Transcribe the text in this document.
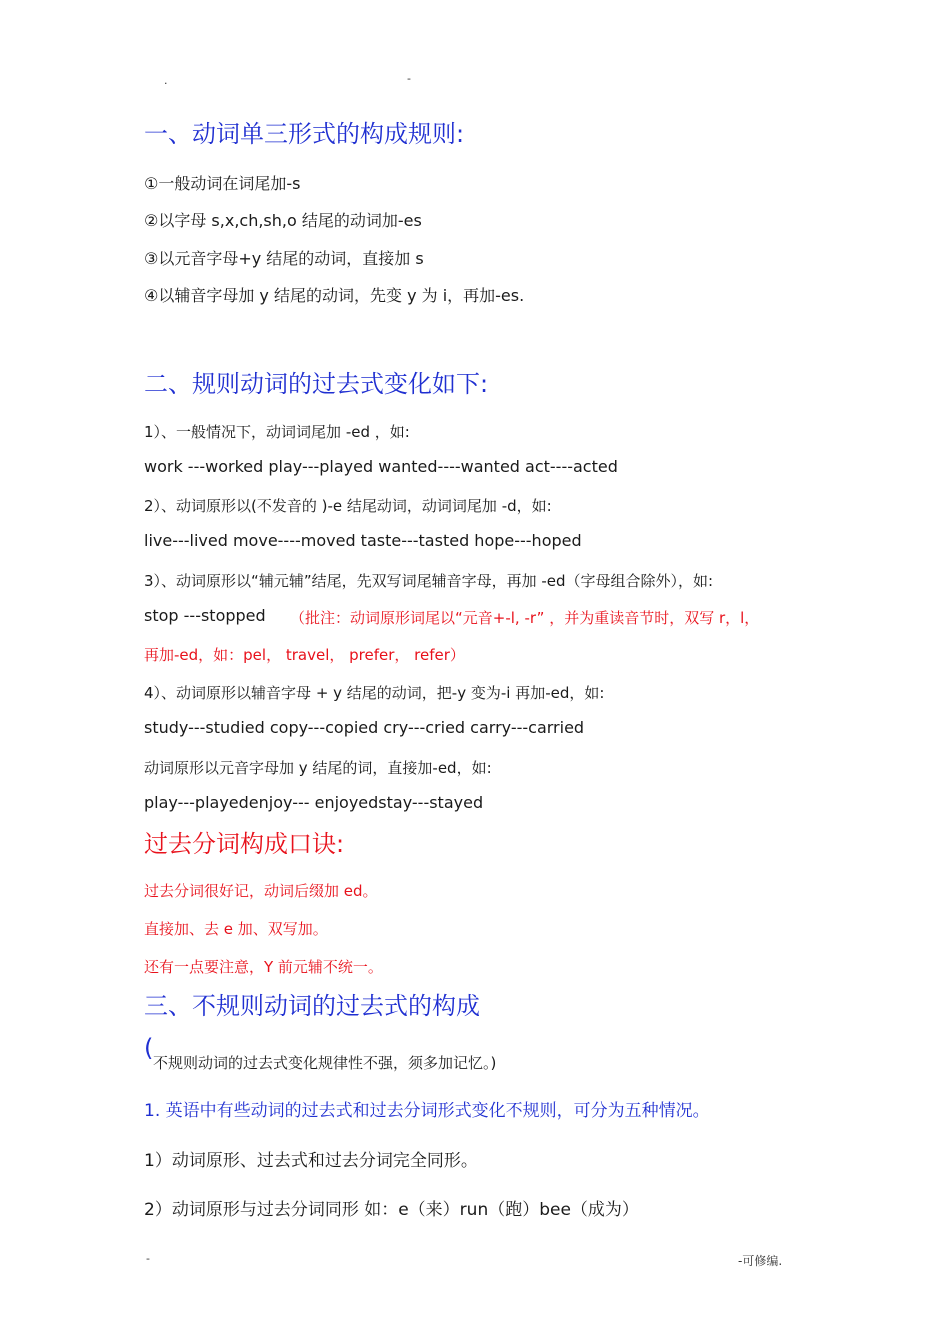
.	-
一、动词单三形式的构成规则:
①一般动词在词尾加-s
②以字母 s,x,ch,sh,o 结尾的动词加-es
③以元音字母+y 结尾的动词，直接加 s
④以辅音字母加 y 结尾的动词，先变 y 为 i，再加-es.
二、规则动词的过去式变化如下:
1）、一般情况下，动词词尾加 -ed ，如:
work ---worked play---played wanted----wanted act----acted
2）、动词原形以(不发音的 )-e 结尾动词，动词词尾加 -d，如:
live---lived move----moved taste---tasted hope---hoped
3）、动词原形以“辅元辅”结尾，先双写词尾辅音字母，再加 -ed（字母组合除外），如:
stop ---stopped （批注：动词原形词尾以“元音+-l, -r” ，并为重读音节时，双写 r，l，
再加-ed，如：pel， travel， prefer， refer）
4）、动词原形以辅音字母 + y 结尾的动词，把-y 变为-i 再加-ed，如:
study---studied copy---copied cry---cried carry---carried
动词原形以元音字母加 y 结尾的词，直接加-ed，如:
play---playedenjoy--- enjoyedstay---stayed
过去分词构成口诀:
过去分词很好记，动词后缀加 ed。
直接加、去 e 加、双写加。
还有一点要注意，Y 前元辅不统一。
三、不规则动词的过去式的构成
(
不规则动词的过去式变化规律性不强，须多加记忆。)
1. 英语中有些动词的过去式和过去分词形式变化不规则，可分为五种情况。
1）动词原形、过去式和过去分词完全同形。
2）动词原形与过去分词同形 如：e（来）run（跑）bee（成为）
-	-可修编.
